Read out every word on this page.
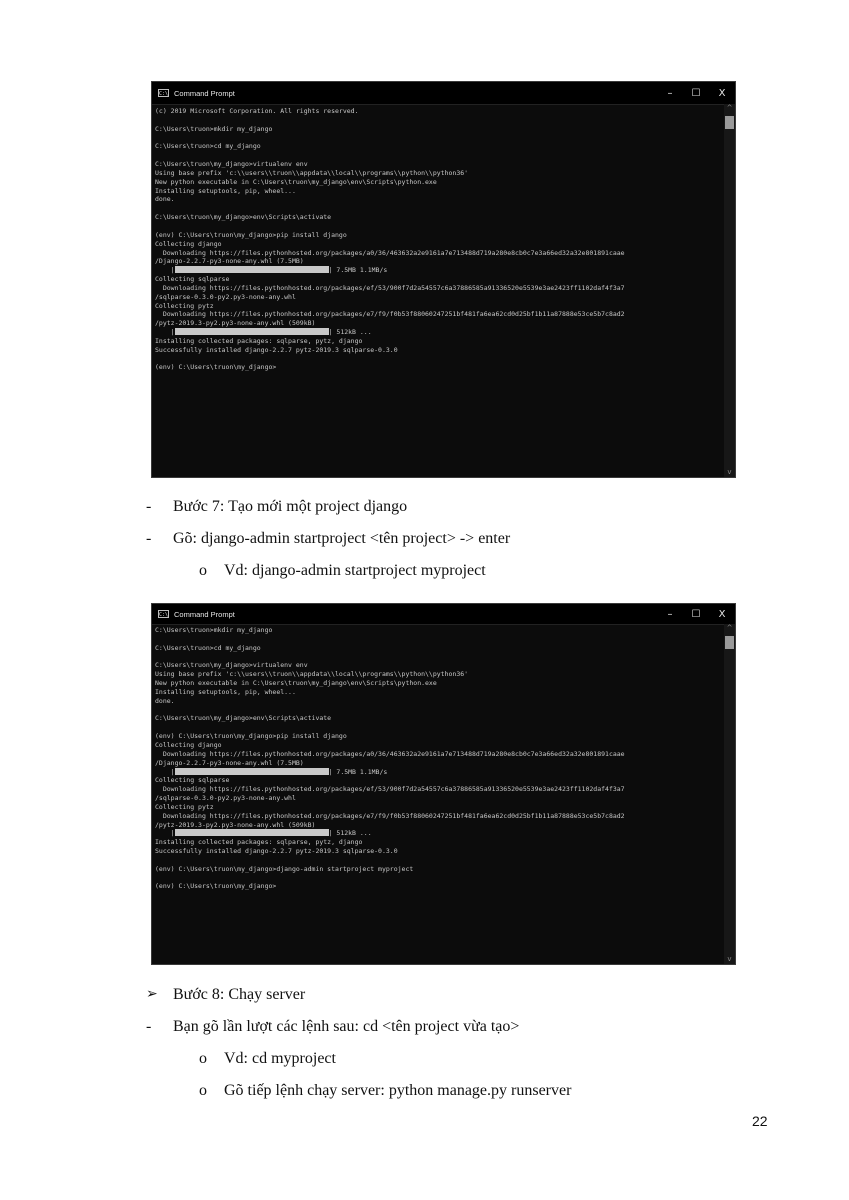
C:\ Command Prompt	–	☐	X
(c) 2019 Microsoft Corporation. All rights reserved.
C:\Users\truon>mkdir my_django
C:\Users\truon>cd my_django
C:\Users\truon\my_django>virtualenv env
Using base prefix 'c:\\users\\truon\\appdata\\local\\programs\\python\\python36'
New python executable in C:\Users\truon\my_django\env\Scripts\python.exe
Installing setuptools, pip, wheel...
done.
C:\Users\truon\my_django>env\Scripts\activate
(env) C:\Users\truon\my_django>pip install django
Collecting django
Downloading https://files.pythonhosted.org/packages/a0/36/463632a2e9161a7e713488d719a280e8cb0c7e3a66ed32a32e801891caae
/Django-2.2.7-py3-none-any.whl (7.5MB)
|	| 7.5MB 1.1MB/s
Collecting sqlparse
Downloading https://files.pythonhosted.org/packages/ef/53/900f7d2a54557c6a37886585a91336520e5539e3ae2423ff1102daf4f3a7
/sqlparse-0.3.0-py2.py3-none-any.whl
Collecting pytz
Downloading https://files.pythonhosted.org/packages/e7/f9/f0b53f88060247251bf481fa6ea62cd0d25bf1b11a87888e53ce5b7c8ad2
/pytz-2019.3-py2.py3-none-any.whl (509kB)
|	| 512kB ...
Installing collected packages: sqlparse, pytz, django
Successfully installed django-2.2.7 pytz-2019.3 sqlparse-0.3.0
(env) C:\Users\truon\my_django>
^
v
- Bước 7: Tạo mới một project django
- Gõ: django-admin startproject <tên project> -> enter
o Vd: django-admin startproject myproject
C:\ Command Prompt	–	☐	X
C:\Users\truon>mkdir my_django
C:\Users\truon>cd my_django
C:\Users\truon\my_django>virtualenv env
Using base prefix 'c:\\users\\truon\\appdata\\local\\programs\\python\\python36'
New python executable in C:\Users\truon\my_django\env\Scripts\python.exe
Installing setuptools, pip, wheel...
done.
C:\Users\truon\my_django>env\Scripts\activate
(env) C:\Users\truon\my_django>pip install django
Collecting django
Downloading https://files.pythonhosted.org/packages/a0/36/463632a2e9161a7e713488d719a280e8cb0c7e3a66ed32a32e801891caae
/Django-2.2.7-py3-none-any.whl (7.5MB)
|	| 7.5MB 1.1MB/s
Collecting sqlparse
Downloading https://files.pythonhosted.org/packages/ef/53/900f7d2a54557c6a37886585a91336520e5539e3ae2423ff1102daf4f3a7
/sqlparse-0.3.0-py2.py3-none-any.whl
Collecting pytz
Downloading https://files.pythonhosted.org/packages/e7/f9/f0b53f88060247251bf481fa6ea62cd0d25bf1b11a87888e53ce5b7c8ad2
/pytz-2019.3-py2.py3-none-any.whl (509kB)
|	| 512kB ...
Installing collected packages: sqlparse, pytz, django
Successfully installed django-2.2.7 pytz-2019.3 sqlparse-0.3.0
(env) C:\Users\truon\my_django>django-admin startproject myproject
(env) C:\Users\truon\my_django>
^
v
➢ Bước 8: Chạy server
- Bạn gõ lần lượt các lệnh sau: cd <tên project vừa tạo>
o Vd: cd myproject
o Gõ tiếp lệnh chạy server: python manage.py runserver
22
